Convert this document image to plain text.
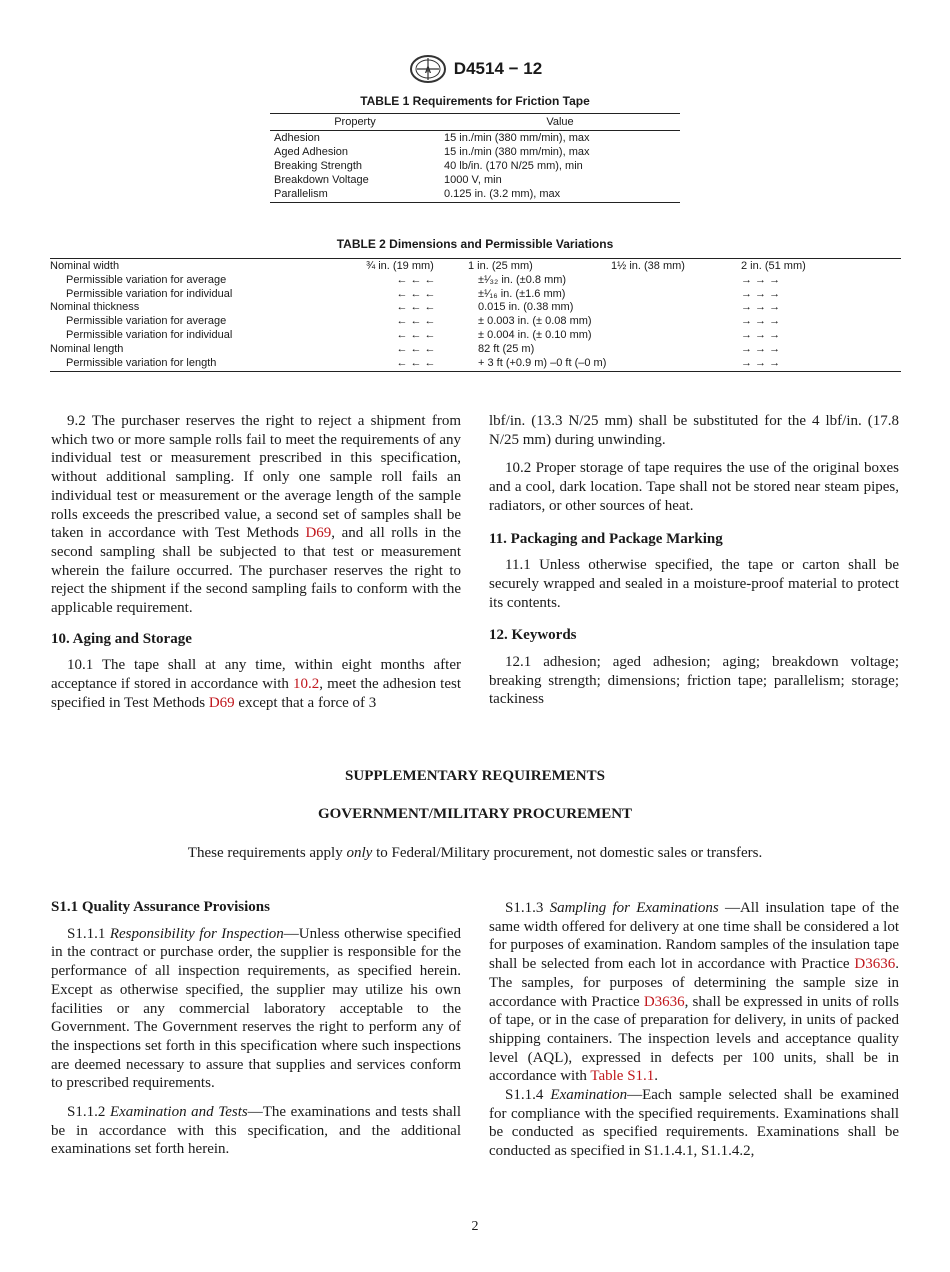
A D4514 − 12
TABLE 1 Requirements for Friction Tape
Property	Value
Adhesion	15 in./min (380 mm/min), max
Aged Adhesion	15 in./min (380 mm/min), max
Breaking Strength	40 lb/in. (170 N/25 mm), min
Breakdown Voltage	1000 V, min
Parallelism	0.125 in. (3.2 mm), max
TABLE 2 Dimensions and Permissible Variations
Nominal width	¾ in. (19 mm)	1 in. (25 mm)	1½ in. (38 mm)	2 in. (51 mm)
Permissible variation for average	← ← ←	±¹⁄₃₂ in. (±0.8 mm)		→ → →
Permissible variation for individual	← ← ←	±¹⁄₁₆ in. (±1.6 mm)		→ → →
Nominal thickness	← ← ←	0.015 in. (0.38 mm)		→ → →
Permissible variation for average	← ← ←	± 0.003 in. (± 0.08 mm)		→ → →
Permissible variation for individual	← ← ←	± 0.004 in. (± 0.10 mm)		→ → →
Nominal length	← ← ←	82 ft (25 m)		→ → →
Permissible variation for length	← ← ←	+ 3 ft (+0.9 m) –0 ft (–0 m)		→ → →

9.2 The purchaser reserves the right to reject a shipment from which two or more sample rolls fail to meet the requirements of any individual test or measurement prescribed in this specification, without additional sampling. If only one sample roll fails an individual test or measurement or the average length of the sample rolls exceeds the prescribed value, a second set of samples shall be taken in accordance with Test Methods D69, and all rolls in the second sampling shall be subjected to that test or measurement wherein the failure occurred. The purchaser reserves the right to reject the shipment if the second sampling fails to conform with the applicable requirement.

10. Aging and Storage

10.1 The tape shall at any time, within eight months after acceptance if stored in accordance with 10.2, meet the adhesion test specified in Test Methods D69 except that a force of 3

lbf/in. (13.3 N/25 mm) shall be substituted for the 4 lbf/in. (17.8 N/25 mm) during unwinding.

10.2 Proper storage of tape requires the use of the original boxes and a cool, dark location. Tape shall not be stored near steam pipes, radiators, or other sources of heat.

11. Packaging and Package Marking

11.1 Unless otherwise specified, the tape or carton shall be securely wrapped and sealed in a moisture-proof material to protect its contents.

12. Keywords

12.1 adhesion; aged adhesion; aging; breakdown voltage; breaking strength; dimensions; friction tape; parallelism; storage; tackiness

SUPPLEMENTARY REQUIREMENTS
GOVERNMENT/MILITARY PROCUREMENT
These requirements apply only to Federal/Military procurement, not domestic sales or transfers.
S1.1 Quality Assurance Provisions

S1.1.1 Responsibility for Inspection—Unless otherwise specified in the contract or purchase order, the supplier is responsible for the performance of all inspection requirements, as specified herein. Except as otherwise specified, the supplier may utilize his own facilities or any commercial laboratory acceptable to the Government. The Government reserves the right to perform any of the inspections set forth in this specification where such inspections are deemed necessary to assure that supplies and services conform to prescribed requirements.

S1.1.2 Examination and Tests—The examinations and tests shall be in accordance with this specification, and the additional examinations set forth herein.

S1.1.3 Sampling for Examinations —All insulation tape of the same width offered for delivery at one time shall be considered a lot for purposes of examination. Random samples of the insulation tape shall be selected from each lot in accordance with Practice D3636. The samples, for purposes of determining the sample size in accordance with Practice D3636, shall be expressed in units of rolls of tape, or in the case of preparation for delivery, in units of packed shipping containers. The inspection levels and acceptance quality level (AQL), expressed in defects per 100 units, shall be in accordance with Table S1.1.

S1.1.4 Examination—Each sample selected shall be examined for compliance with the specified requirements. Examinations shall be conducted as specified requirements. Examinations shall be conducted as specified in S1.1.4.1, S1.1.4.2,

2
